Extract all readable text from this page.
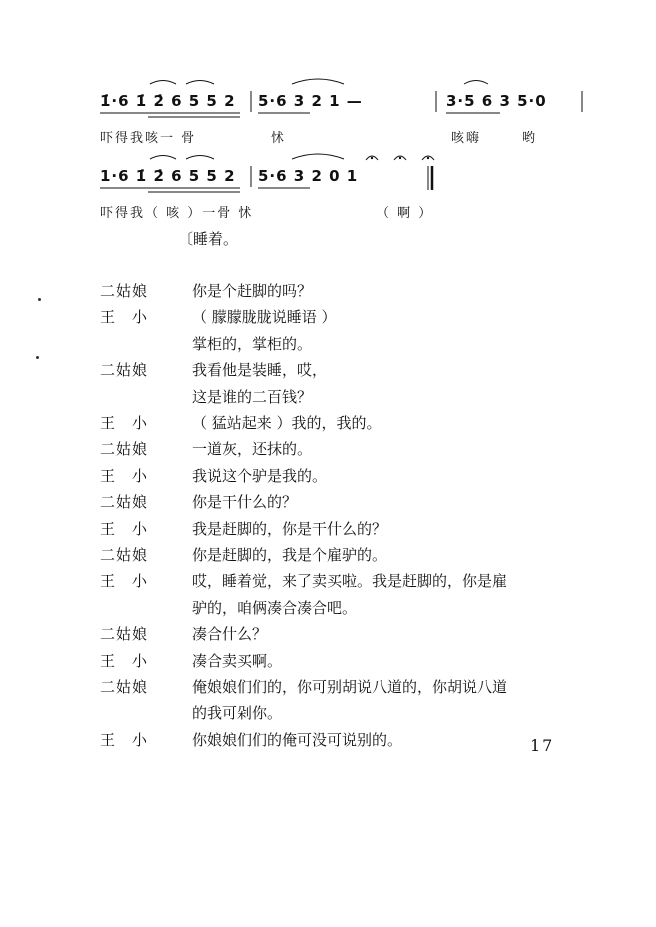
1̇·6 1̇ 2̇ 6 5 5 2 5·6 3 2 1 —	3·5 6 3 5·0
吓得我咳一 骨	怵	咳嗨	哟
1·6 1̇ 2̇ 6 5 5 2 5·6 3 2 0 1
吓得我（ 咳 ）一骨 怵	（ 啊 ）
〔睡着。
二姑娘	你是个赶脚的吗？
王　小	（ 朦朦胧胧说睡语 ）
掌柜的，掌柜的。
二姑娘	我看他是装睡，哎，
这是谁的二百钱？
王　小	（ 猛站起来 ）我的，我的。
二姑娘	一道灰，还抹的。
王　小	我说这个驴是我的。
二姑娘	你是干什么的？
王　小	我是赶脚的，你是干什么的？
二姑娘	你是赶脚的，我是个雇驴的。
王　小	哎，睡着觉，来了卖买啦。我是赶脚的，你是雇
驴的，咱俩凑合凑合吧。
二姑娘	凑合什么？
王　小	凑合卖买啊。
二姑娘	俺娘娘们们的，你可别胡说八道的，你胡说八道
的我可剁你。
王　小	你娘娘们们的俺可没可说别的。	17
